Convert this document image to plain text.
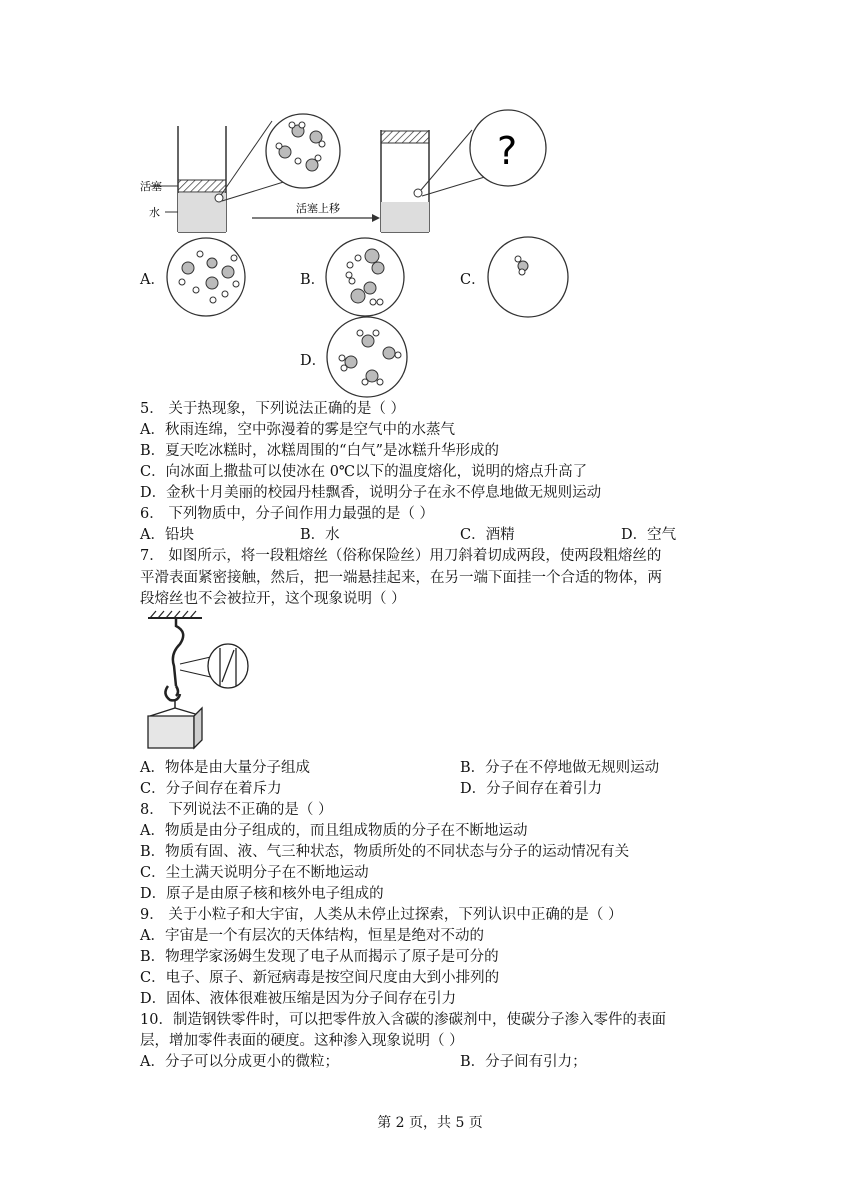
活塞
水	活塞上移
?
A．	B．	C．
D．
5． 关于热现象，下列说法正确的是（ ）
A．秋雨连绵，空中弥漫着的雾是空气中的水蒸气
B．夏天吃冰糕时，冰糕周围的“白气”是冰糕升华形成的
C．向冰面上撒盐可以使冰在 0℃以下的温度熔化，说明的熔点升高了
D．金秋十月美丽的校园丹桂飘香，说明分子在永不停息地做无规则运动
6． 下列物质中，分子间作用力最强的是（ ）
A．铅块	B．水	C．酒精	D．空气
7． 如图所示，将一段粗熔丝（俗称保险丝）用刀斜着切成两段，使两段粗熔丝的
平滑表面紧密接触，然后，把一端悬挂起来，在另一端下面挂一个合适的物体，两
段熔丝也不会被拉开，这个现象说明（ ）
A．物体是由大量分子组成	B．分子在不停地做无规则运动
C．分子间存在着斥力	D．分子间存在着引力
8． 下列说法不正确的是（ ）
A．物质是由分子组成的，而且组成物质的分子在不断地运动
B．物质有固、液、气三种状态，物质所处的不同状态与分子的运动情况有关
C．尘土满天说明分子在不断地运动
D．原子是由原子核和核外电子组成的
9． 关于小粒子和大宇宙，人类从未停止过探索，下列认识中正确的是（ ）
A．宇宙是一个有层次的天体结构，恒星是绝对不动的
B．物理学家汤姆生发现了电子从而揭示了原子是可分的
C．电子、原子、新冠病毒是按空间尺度由大到小排列的
D．固体、液体很难被压缩是因为分子间存在引力
10．制造钢铁零件时，可以把零件放入含碳的渗碳剂中，使碳分子渗入零件的表面
层，增加零件表面的硬度。这种渗入现象说明（ ）
A．分子可以分成更小的微粒；	B．分子间有引力；
第 2 页，共 5 页
